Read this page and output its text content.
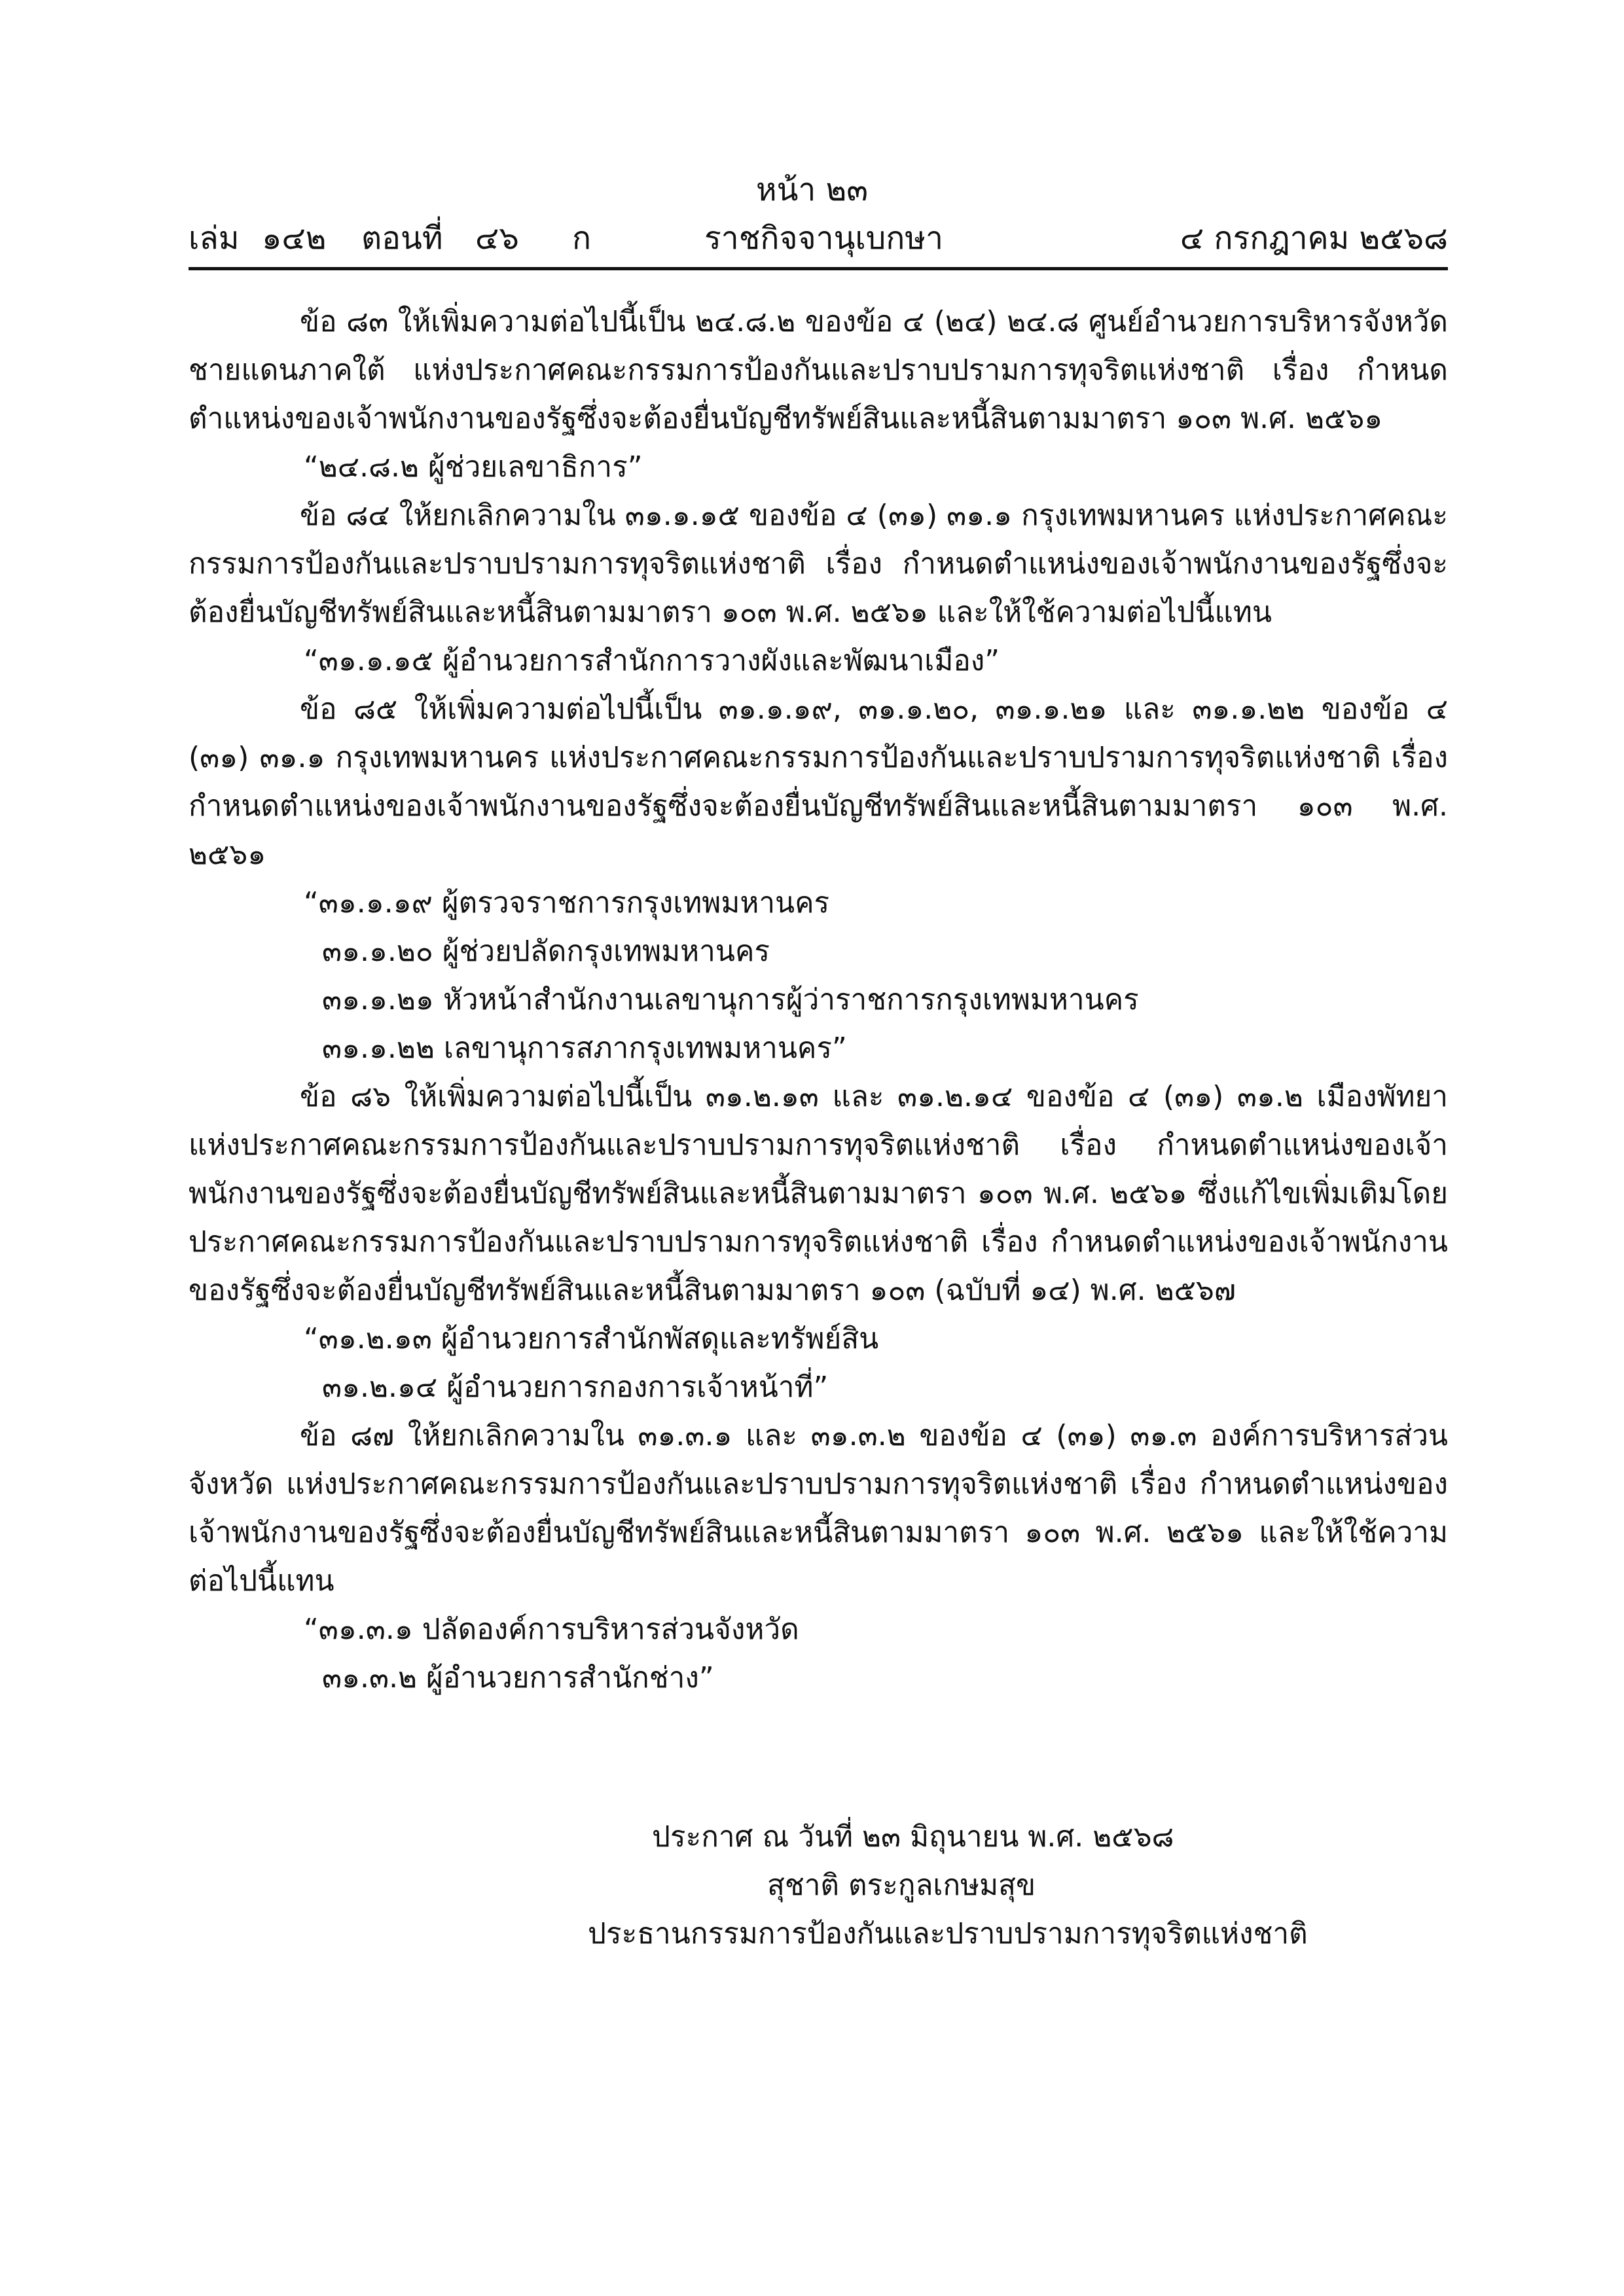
หน้า ๒๓
เล่ม ๑๔๒ ตอนที่ ๔๖ ก	ราชกิจจานุเบกษา	๔ กรกฎาคม ๒๕๖๘

ข้อ ๘๓ ให้เพิ่มความต่อไปนี้เป็น ๒๔.๘.๒ ของข้อ ๔ (๒๔) ๒๔.๘ ศูนย์อำนวยการบริหารจังหวัดชายแดนภาคใต้ แห่งประกาศคณะกรรมการป้องกันและปราบปรามการทุจริตแห่งชาติ เรื่อง กำหนดตำแหน่งของเจ้าพนักงานของรัฐซึ่งจะต้องยื่นบัญชีทรัพย์สินและหนี้สินตามมาตรา ๑๐๓ พ.ศ. ๒๕๖๑

“๒๔.๘.๒ ผู้ช่วยเลขาธิการ”

ข้อ ๘๔ ให้ยกเลิกความใน ๓๑.๑.๑๕ ของข้อ ๔ (๓๑) ๓๑.๑ กรุงเทพมหานคร แห่งประกาศคณะกรรมการป้องกันและปราบปรามการทุจริตแห่งชาติ เรื่อง กำหนดตำแหน่งของเจ้าพนักงานของรัฐซึ่งจะต้องยื่นบัญชีทรัพย์สินและหนี้สินตามมาตรา ๑๐๓ พ.ศ. ๒๕๖๑ และให้ใช้ความต่อไปนี้แทน

“๓๑.๑.๑๕ ผู้อำนวยการสำนักการวางผังและพัฒนาเมือง”

ข้อ ๘๕ ให้เพิ่มความต่อไปนี้เป็น ๓๑.๑.๑๙, ๓๑.๑.๒๐, ๓๑.๑.๒๑ และ ๓๑.๑.๒๒ ของข้อ ๔ (๓๑) ๓๑.๑ กรุงเทพมหานคร แห่งประกาศคณะกรรมการป้องกันและปราบปรามการทุจริตแห่งชาติ เรื่อง กำหนดตำแหน่งของเจ้าพนักงานของรัฐซึ่งจะต้องยื่นบัญชีทรัพย์สินและหนี้สินตามมาตรา ๑๐๓ พ.ศ. ๒๕๖๑

“๓๑.๑.๑๙ ผู้ตรวจราชการกรุงเทพมหานคร

๓๑.๑.๒๐ ผู้ช่วยปลัดกรุงเทพมหานคร

๓๑.๑.๒๑ หัวหน้าสำนักงานเลขานุการผู้ว่าราชการกรุงเทพมหานคร

๓๑.๑.๒๒ เลขานุการสภากรุงเทพมหานคร”

ข้อ ๘๖ ให้เพิ่มความต่อไปนี้เป็น ๓๑.๒.๑๓ และ ๓๑.๒.๑๔ ของข้อ ๔ (๓๑) ๓๑.๒ เมืองพัทยา แห่งประกาศคณะกรรมการป้องกันและปราบปรามการทุจริตแห่งชาติ เรื่อง กำหนดตำแหน่งของเจ้าพนักงานของรัฐซึ่งจะต้องยื่นบัญชีทรัพย์สินและหนี้สินตามมาตรา ๑๐๓ พ.ศ. ๒๕๖๑ ซึ่งแก้ไขเพิ่มเติมโดยประกาศคณะกรรมการป้องกันและปราบปรามการทุจริตแห่งชาติ เรื่อง กำหนดตำแหน่งของเจ้าพนักงานของรัฐซึ่งจะต้องยื่นบัญชีทรัพย์สินและหนี้สินตามมาตรา ๑๐๓ (ฉบับที่ ๑๔) พ.ศ. ๒๕๖๗

“๓๑.๒.๑๓ ผู้อำนวยการสำนักพัสดุและทรัพย์สิน

๓๑.๒.๑๔ ผู้อำนวยการกองการเจ้าหน้าที่”

ข้อ ๘๗ ให้ยกเลิกความใน ๓๑.๓.๑ และ ๓๑.๓.๒ ของข้อ ๔ (๓๑) ๓๑.๓ องค์การบริหารส่วนจังหวัด แห่งประกาศคณะกรรมการป้องกันและปราบปรามการทุจริตแห่งชาติ เรื่อง กำหนดตำแหน่งของเจ้าพนักงานของรัฐซึ่งจะต้องยื่นบัญชีทรัพย์สินและหนี้สินตามมาตรา ๑๐๓ พ.ศ. ๒๕๖๑ และให้ใช้ความต่อไปนี้แทน

“๓๑.๓.๑ ปลัดองค์การบริหารส่วนจังหวัด

๓๑.๓.๒ ผู้อำนวยการสำนักช่าง”

ประกาศ ณ วันที่ ๒๓ มิถุนายน พ.ศ. ๒๕๖๘

สุชาติ ตระกูลเกษมสุข

ประธานกรรมการป้องกันและปราบปรามการทุจริตแห่งชาติ
